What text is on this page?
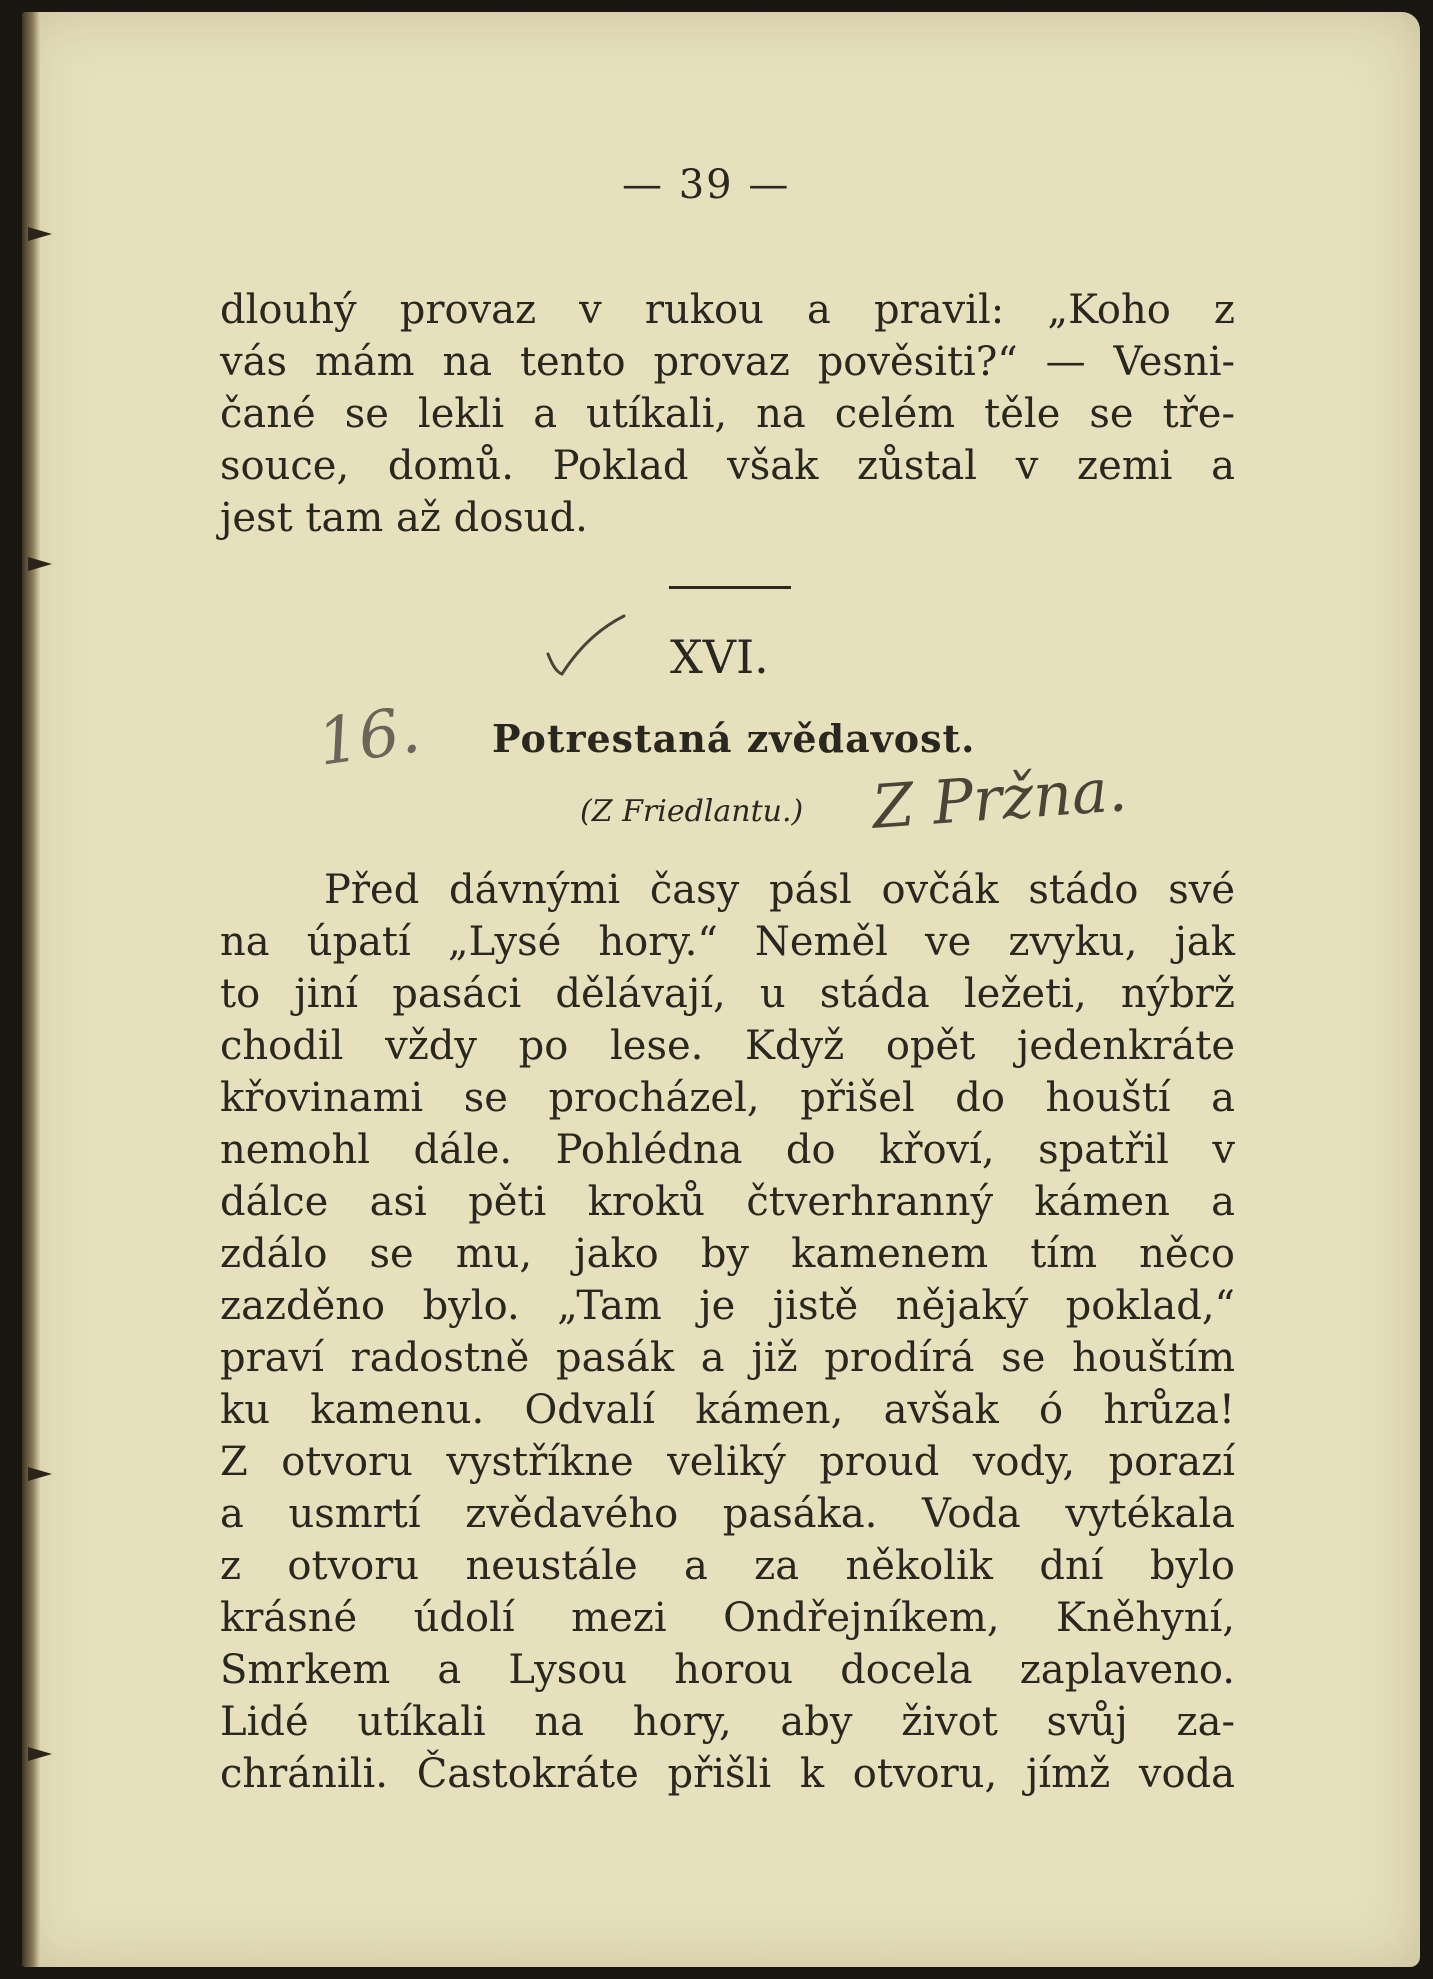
— 39 —
dlouhý provaz v rukou a pravil: „Koho z
vás mám na tento provaz pověsiti?“ — Vesni-
čané se lekli a utíkali, na celém těle se tře-
souce, domů. Poklad však zůstal v zemi a
jest tam až dosud.
XVI.
16. Potrestaná zvědavost.
(Z Friedlantu.) Z Pržna.
Před dávnými časy pásl ovčák stádo své
na úpatí „Lysé hory.“ Neměl ve zvyku, jak
to jiní pasáci dělávají, u stáda ležeti, nýbrž
chodil vždy po lese. Když opět jedenkráte
křovinami se procházel, přišel do houští a
nemohl dále. Pohlédna do křoví, spatřil v
dálce asi pěti kroků čtverhranný kámen a
zdálo se mu, jako by kamenem tím něco
zazděno bylo. „Tam je jistě nějaký poklad,“
praví radostně pasák a již prodírá se houštím
ku kamenu. Odvalí kámen, avšak ó hrůza!
Z otvoru vystříkne veliký proud vody, porazí
a usmrtí zvědavého pasáka. Voda vytékala
z otvoru neustále a za několik dní bylo
krásné údolí mezi Ondřejníkem, Kněhyní,
Smrkem a Lysou horou docela zaplaveno.
Lidé utíkali na hory, aby život svůj za-
chránili. Častokráte přišli k otvoru, jímž voda
